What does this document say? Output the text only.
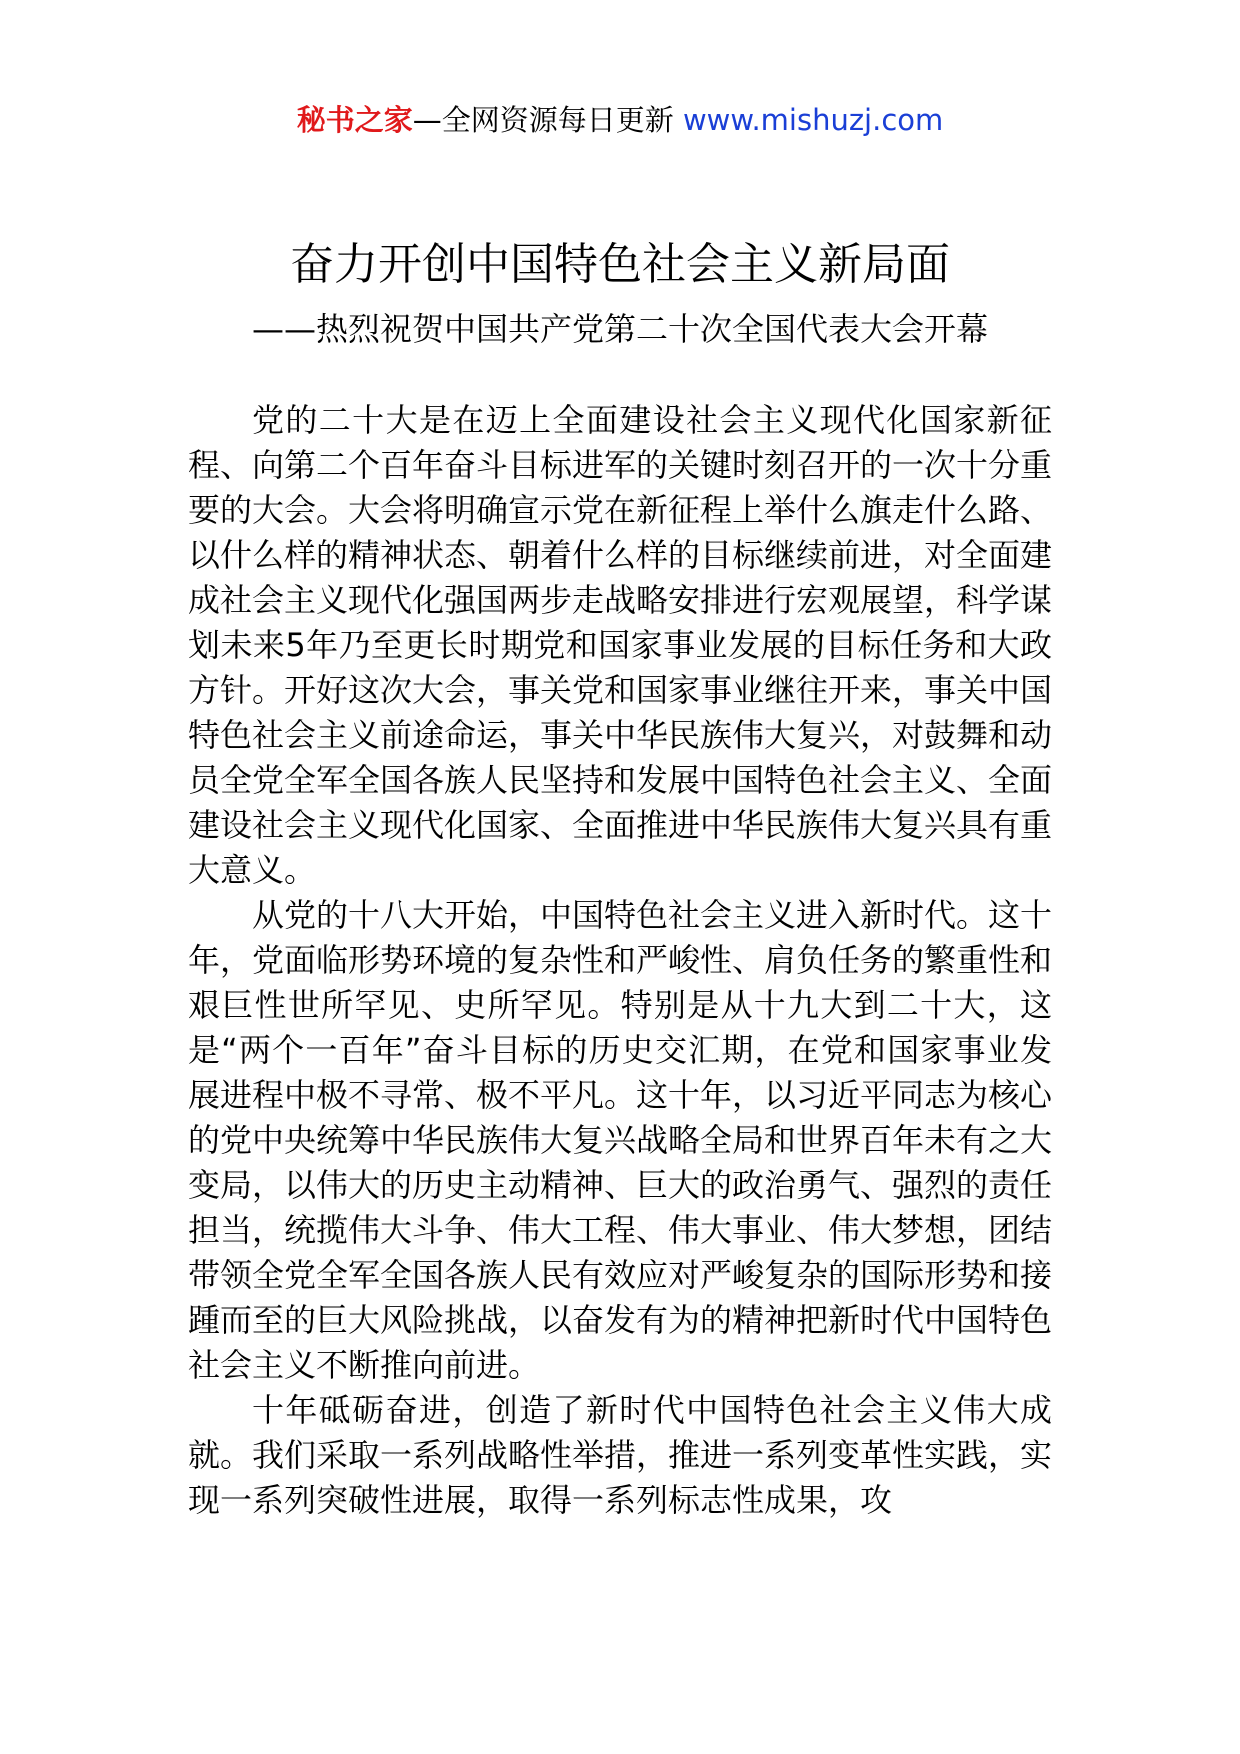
秘书之家—全网资源每日更新 www.mishuzj.com
奋力开创中国特色社会主义新局面
——热烈祝贺中国共产党第二十次全国代表大会开幕

党的二十大是在迈上全面建设社会主义现代化国家新征程、向第二个百年奋斗目标进军的关键时刻召开的一次十分重要的大会。大会将明确宣示党在新征程上举什么旗走什么路、以什么样的精神状态、朝着什么样的目标继续前进，对全面建成社会主义现代化强国两步走战略安排进行宏观展望，科学谋划未来5年乃至更长时期党和国家事业发展的目标任务和大政方针。开好这次大会，事关党和国家事业继往开来，事关中国特色社会主义前途命运，事关中华民族伟大复兴，对鼓舞和动员全党全军全国各族人民坚持和发展中国特色社会主义、全面建设社会主义现代化国家、全面推进中华民族伟大复兴具有重大意义。

从党的十八大开始，中国特色社会主义进入新时代。这十年，党面临形势环境的复杂性和严峻性、肩负任务的繁重性和艰巨性世所罕见、史所罕见。特别是从十九大到二十大，这是“两个一百年”奋斗目标的历史交汇期，在党和国家事业发展进程中极不寻常、极不平凡。这十年，以习近平同志为核心的党中央统筹中华民族伟大复兴战略全局和世界百年未有之大变局，以伟大的历史主动精神、巨大的政治勇气、强烈的责任担当，统揽伟大斗争、伟大工程、伟大事业、伟大梦想，团结带领全党全军全国各族人民有效应对严峻复杂的国际形势和接踵而至的巨大风险挑战，以奋发有为的精神把新时代中国特色社会主义不断推向前进。

十年砥砺奋进，创造了新时代中国特色社会主义伟大成就。我们采取一系列战略性举措，推进一系列变革性实践，实现一系列突破性进展，取得一系列标志性成果，攻
